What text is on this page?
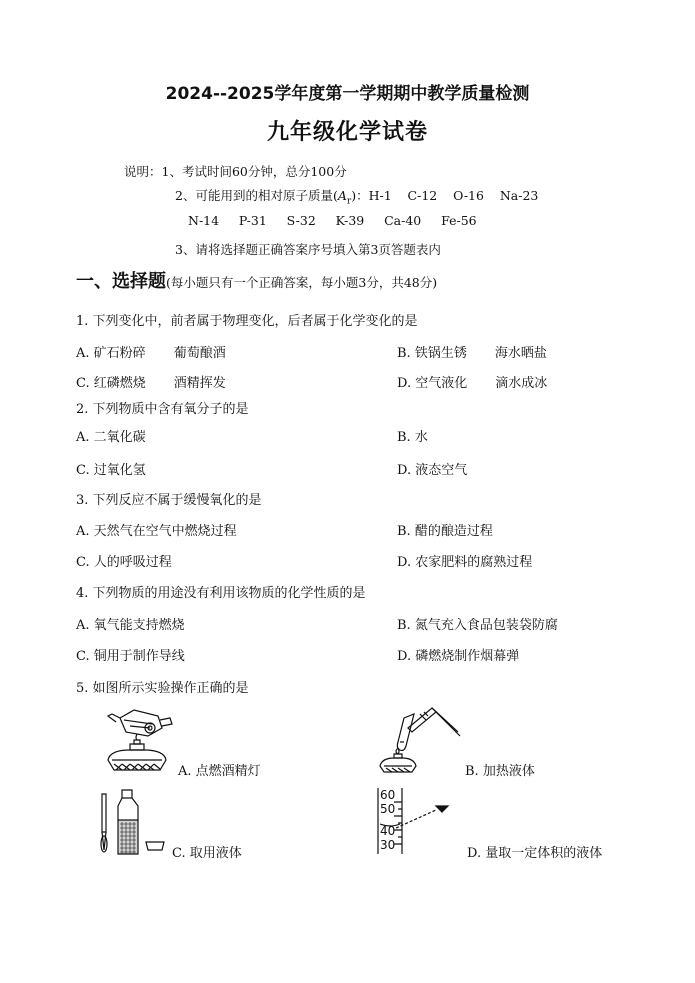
2024--2025学年度第一学期期中教学质量检测
九年级化学试卷
说明：1、考试时间60分钟，总分100分
2、可能用到的相对原子质量$(A_r)$：H-1    C-12    O-16    Na-23
N-14     P-31     S-32     K-39     Ca-40     Fe-56
3、请将选择题正确答案序号填入第3页答题表内
一、选择题(每小题只有一个正确答案，每小题3分，共48分)
1. 下列变化中，前者属于物理变化，后者属于化学变化的是
A. 矿石粉碎 葡萄酿酒	B. 铁锅生锈 海水晒盐
C. 红磷燃烧 酒精挥发	D. 空气液化 滴水成冰
2. 下列物质中含有氧分子的是
A. 二氧化碳	B. 水
C. 过氧化氢	D. 液态空气
3. 下列反应不属于缓慢氧化的是
A. 天然气在空气中燃烧过程	B. 醋的酿造过程
C. 人的呼吸过程	D. 农家肥料的腐熟过程
4. 下列物质的用途没有利用该物质的化学性质的是
A. 氧气能支持燃烧	B. 氮气充入食品包装袋防腐
C. 铜用于制作导线	D. 磷燃烧制作烟幕弹
5. 如图所示实验操作正确的是
A. 点燃酒精灯	B. 加热液体
C. 取用液体
60
50
40
30
D. 量取一定体积的液体
